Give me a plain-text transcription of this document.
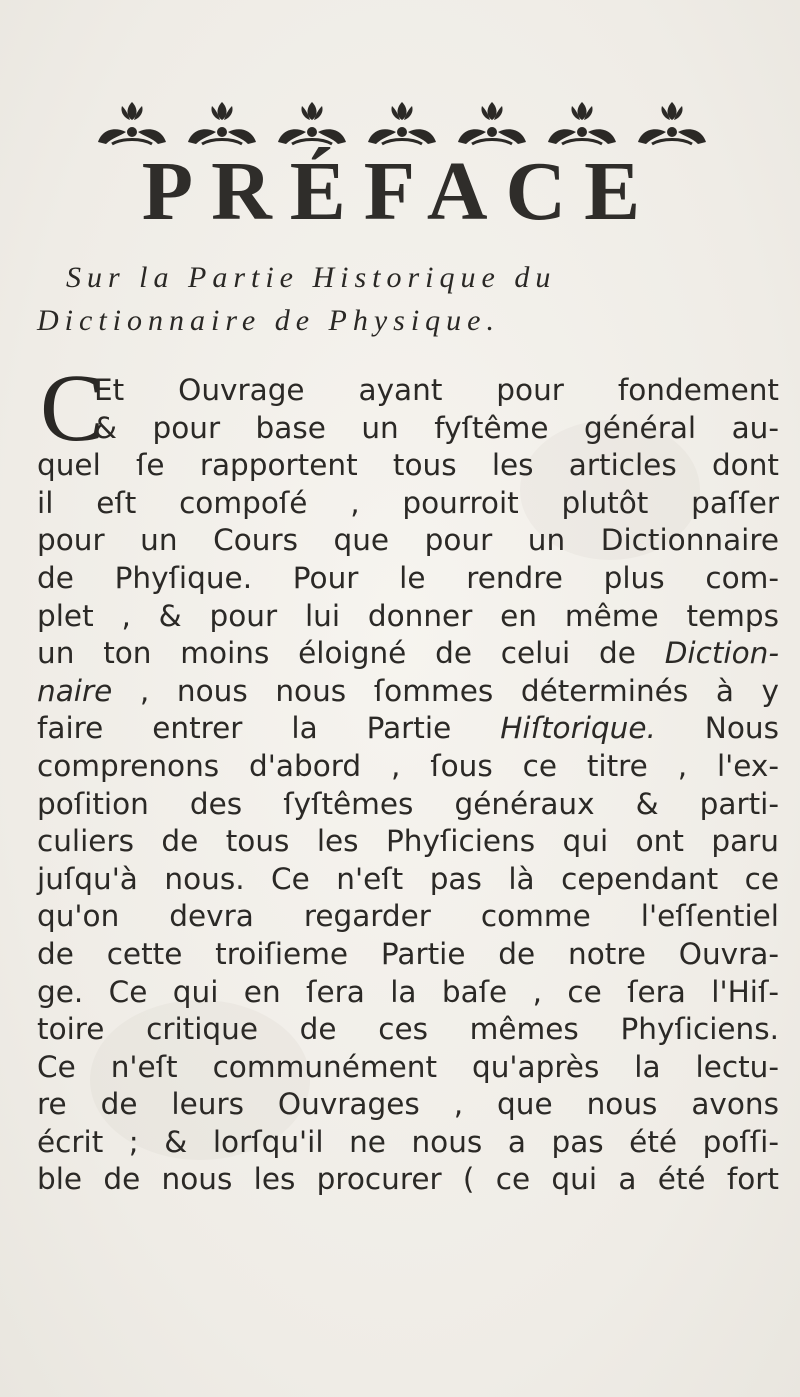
PRÉFACE
Sur la Partie Historique du
Dictionnaire de Physique.
C
Et Ouvrage ayant pour fondement
& pour base un fyſtême général au-
quel ſe rapportent tous les articles dont
il eſt compoſé , pourroit plutôt paſſer
pour un Cours que pour un Dictionnaire
de Phyſique. Pour le rendre plus com-
plet , & pour lui donner en même temps
un ton moins éloigné de celui de Diction-
naire , nous nous ſommes déterminés à y
faire entrer la Partie Hiſtorique. Nous
comprenons d'abord , ſous ce titre , l'ex-
poſition des ſyſtêmes généraux & parti-
culiers de tous les Phyſiciens qui ont paru
juſqu'à nous. Ce n'eſt pas là cependant ce
qu'on devra regarder comme l'eſſentiel
de cette troiſieme Partie de notre Ouvra-
ge. Ce qui en ſera la baſe , ce ſera l'Hiſ-
toire critique de ces mêmes Phyſiciens.
Ce n'eſt communément qu'après la lectu-
re de leurs Ouvrages , que nous avons
écrit ; & lorſqu'il ne nous a pas été poſſi-
ble de nous les procurer ( ce qui a été fort
